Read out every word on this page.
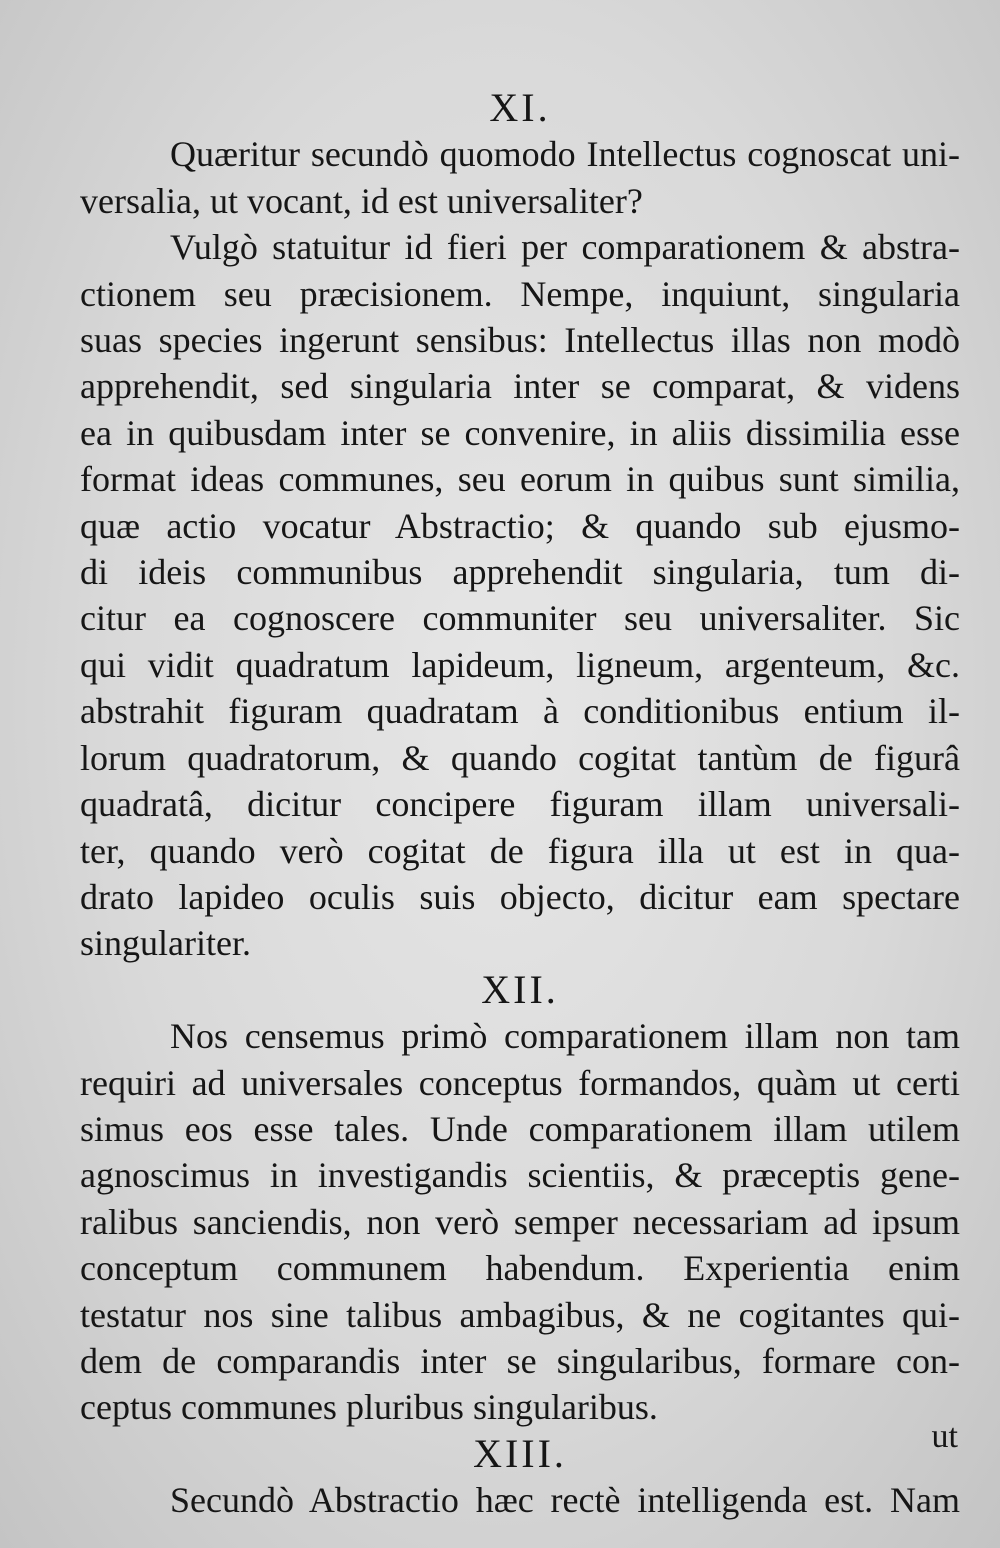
XI.
Quæritur secundò quomodo Intellectus cognoscat uni-
versalia, ut vocant, id est universaliter?
Vulgò statuitur id fieri per comparationem & abstra-
ctionem seu præcisionem. Nempe, inquiunt, singularia
suas species ingerunt sensibus: Intellectus illas non modò
apprehendit, sed singularia inter se comparat, & videns
ea in quibusdam inter se convenire, in aliis dissimilia esse
format ideas communes, seu eorum in quibus sunt similia,
quæ actio vocatur Abstractio; & quando sub ejusmo-
di ideis communibus apprehendit singularia, tum di-
citur ea cognoscere communiter seu universaliter. Sic
qui vidit quadratum lapideum, ligneum, argenteum, &c.
abstrahit figuram quadratam à conditionibus entium il-
lorum quadratorum, & quando cogitat tantùm de figurâ
quadratâ, dicitur concipere figuram illam universali-
ter, quando verò cogitat de figura illa ut est in qua-
drato lapideo oculis suis objecto, dicitur eam spectare
singulariter.
XII.
Nos censemus primò comparationem illam non tam
requiri ad universales conceptus formandos, quàm ut certi
simus eos esse tales. Unde comparationem illam utilem
agnoscimus in investigandis scientiis, & præceptis gene-
ralibus sanciendis, non verò semper necessariam ad ipsum
conceptum communem habendum. Experientia enim
testatur nos sine talibus ambagibus, & ne cogitantes qui-
dem de comparandis inter se singularibus, formare con-
ceptus communes pluribus singularibus.
XIII.
Secundò Abstractio hæc rectè intelligenda est. Nam
ut
